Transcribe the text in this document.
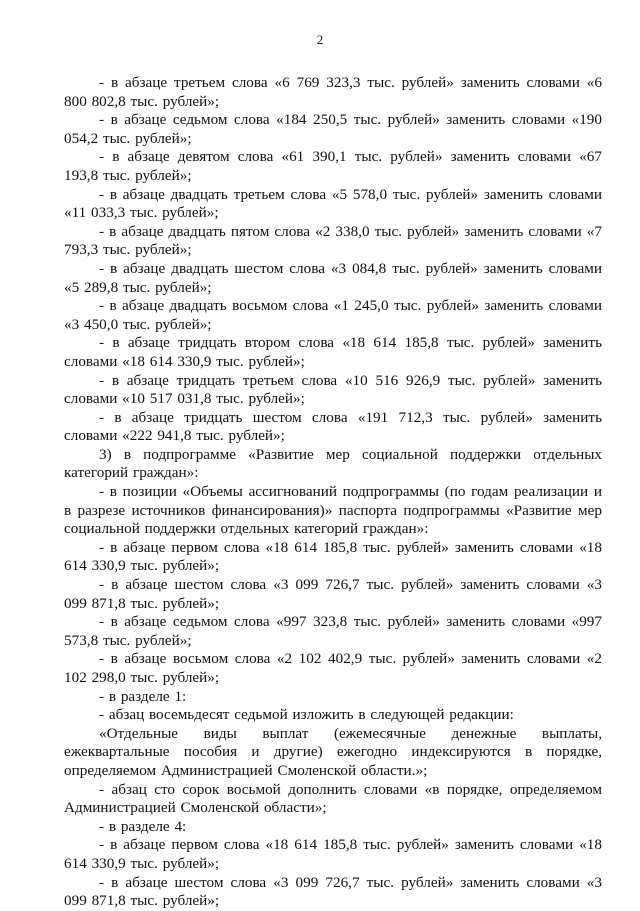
2

- в абзаце третьем слова «6 769 323,3 тыс. рублей» заменить словами «6 800 802,8 тыс. рублей»;

- в абзаце седьмом слова «184 250,5 тыс. рублей» заменить словами «190 054,2 тыс. рублей»;

- в абзаце девятом слова «61 390,1 тыс. рублей» заменить словами «67 193,8 тыс. рублей»;

- в абзаце двадцать третьем слова «5 578,0 тыс. рублей» заменить словами «11 033,3 тыс. рублей»;

- в абзаце двадцать пятом слова «2 338,0 тыс. рублей» заменить словами «7 793,3 тыс. рублей»;

- в абзаце двадцать шестом слова «3 084,8 тыс. рублей» заменить словами «5 289,8 тыс. рублей»;

- в абзаце двадцать восьмом слова «1 245,0 тыс. рублей» заменить словами «3 450,0 тыс. рублей»;

- в абзаце тридцать втором слова «18 614 185,8 тыс. рублей» заменить словами «18 614 330,9 тыс. рублей»;

- в абзаце тридцать третьем слова «10 516 926,9 тыс. рублей» заменить словами «10 517 031,8 тыс. рублей»;

- в абзаце тридцать шестом слова «191 712,3 тыс. рублей» заменить словами «222 941,8 тыс. рублей»;

3) в подпрограмме «Развитие мер социальной поддержки отдельных категорий граждан»:

- в позиции «Объемы ассигнований подпрограммы (по годам реализации и в разрезе источников финансирования)» паспорта подпрограммы «Развитие мер социальной поддержки отдельных категорий граждан»:

- в абзаце первом слова «18 614 185,8 тыс. рублей» заменить словами «18 614 330,9 тыс. рублей»;

- в абзаце шестом слова «3 099 726,7 тыс. рублей» заменить словами «3 099 871,8 тыс. рублей»;

- в абзаце седьмом слова «997 323,8 тыс. рублей» заменить словами «997 573,8 тыс. рублей»;

- в абзаце восьмом слова «2 102 402,9 тыс. рублей» заменить словами «2 102 298,0 тыс. рублей»;

- в разделе 1:

- абзац восемьдесят седьмой изложить в следующей редакции:

«Отдельные виды выплат (ежемесячные денежные выплаты, ежеквартальные пособия и другие) ежегодно индексируются в порядке, определяемом Администрацией Смоленской области.»;

- абзац сто сорок восьмой дополнить словами «в порядке, определяемом Администрацией Смоленской области»;

- в разделе 4:

- в абзаце первом слова «18 614 185,8 тыс. рублей» заменить словами «18 614 330,9 тыс. рублей»;

- в абзаце шестом слова «3 099 726,7 тыс. рублей» заменить словами «3 099 871,8 тыс. рублей»;
